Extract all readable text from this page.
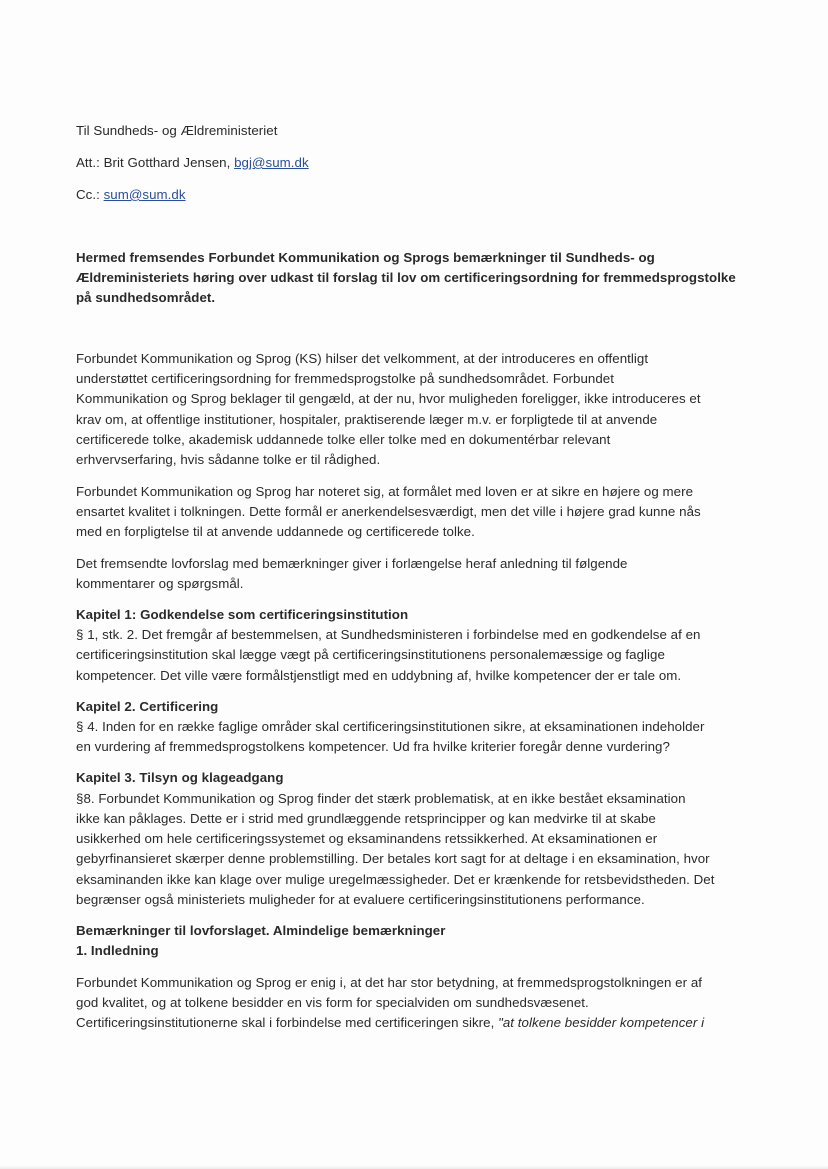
Til Sundheds- og Ældreministeriet
Att.: Brit Gotthard Jensen, bgj@sum.dk
Cc.: sum@sum.dk
Hermed fremsendes Forbundet Kommunikation og Sprogs bemærkninger til Sundheds- og
Ældreministeriets høring over udkast til forslag til lov om certificeringsordning for fremmedsprogstolke
på sundhedsområdet.
Forbundet Kommunikation og Sprog (KS) hilser det velkomment, at der introduceres en offentligt
understøttet certificeringsordning for fremmedsprogstolke på sundhedsområdet. Forbundet
Kommunikation og Sprog beklager til gengæld, at der nu, hvor muligheden foreligger, ikke introduceres et
krav om, at offentlige institutioner, hospitaler, praktiserende læger m.v. er forpligtede til at anvende
certificerede tolke, akademisk uddannede tolke eller tolke med en dokumentérbar relevant
erhvervserfaring, hvis sådanne tolke er til rådighed.
Forbundet Kommunikation og Sprog har noteret sig, at formålet med loven er at sikre en højere og mere
ensartet kvalitet i tolkningen. Dette formål er anerkendelsesværdigt, men det ville i højere grad kunne nås
med en forpligtelse til at anvende uddannede og certificerede tolke.
Det fremsendte lovforslag med bemærkninger giver i forlængelse heraf anledning til følgende
kommentarer og spørgsmål.
Kapitel 1: Godkendelse som certificeringsinstitution
§ 1, stk. 2. Det fremgår af bestemmelsen, at Sundhedsministeren i forbindelse med en godkendelse af en
certificeringsinstitution skal lægge vægt på certificeringsinstitutionens personalemæssige og faglige
kompetencer. Det ville være formålstjenstligt med en uddybning af, hvilke kompetencer der er tale om.
Kapitel 2. Certificering
§ 4. Inden for en række faglige områder skal certificeringsinstitutionen sikre, at eksaminationen indeholder
en vurdering af fremmedsprogstolkens kompetencer. Ud fra hvilke kriterier foregår denne vurdering?
Kapitel 3. Tilsyn og klageadgang
§8. Forbundet Kommunikation og Sprog finder det stærk problematisk, at en ikke bestået eksamination
ikke kan påklages. Dette er i strid med grundlæggende retsprincipper og kan medvirke til at skabe
usikkerhed om hele certificeringssystemet og eksaminandens retssikkerhed. At eksaminationen er
gebyrfinansieret skærper denne problemstilling. Der betales kort sagt for at deltage i en eksamination, hvor
eksaminanden ikke kan klage over mulige uregelmæssigheder. Det er krænkende for retsbevidstheden. Det
begrænser også ministeriets muligheder for at evaluere certificeringsinstitutionens performance.
Bemærkninger til lovforslaget. Almindelige bemærkninger
1. Indledning
Forbundet Kommunikation og Sprog er enig i, at det har stor betydning, at fremmedsprogstolkningen er af
god kvalitet, og at tolkene besidder en vis form for specialviden om sundhedsvæsenet.
Certificeringsinstitutionerne skal i forbindelse med certificeringen sikre, "at tolkene besidder kompetencer i
